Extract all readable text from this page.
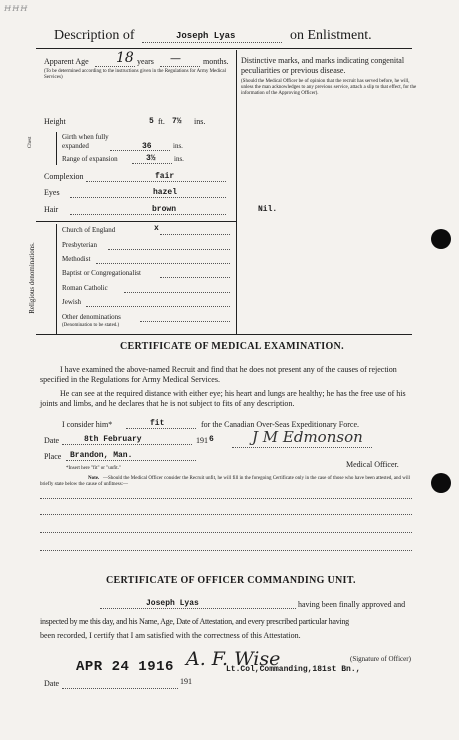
ꟸꟸꟸ
Description of	Joseph Lyas	on Enlistment.
Apparent Age 18 years —	months.
(To be determined according to the instructions given in the Regulations for Army Medical Services)
Height	5 ft. 7½ ins.
Chest	Girth when fully expanded	36	ins.
Range of expansion	3½	ins.
Complexion	fair
Eyes	hazel
Hair	brown
Religious denominations.
Church of England	x
Presbyterian
Methodist
Baptist or Congregationalist
Roman Catholic
Jewish
Other denominations
(Denomination to be stated.)
Distinctive marks, and marks indicating congenital peculiarities or previous disease.
(Should the Medical Officer be of opinion that the recruit has served before, he will, unless the man acknowledges to any previous service, attach a slip to that effect, for the information of the Approving Officer).
Nil.
CERTIFICATE OF MEDICAL EXAMINATION.
I have examined the above-named Recruit and find that he does not present any of the causes of rejection specified in the Regulations for Army Medical Services.
He can see at the required distance with either eye; his heart and lungs are healthy; he has the free use of his joints and limbs, and he declares that he is not subject to fits of any description.
I consider him*	fit	for the Canadian Over-Seas Expeditionary Force.
Date	8th February	191 6	J M Edmonson
Place Brandon, Man.
Medical Officer.
*Insert here "fit" or "unfit."
Note. —Should the Medical Officer consider the Recruit unfit, he will fill in the foregoing Certificate only in the case of those who have been attested, and will briefly state below the cause of unfitness:—
CERTIFICATE OF OFFICER COMMANDING UNIT.
Joseph Lyas	having been finally approved and
inspected by me this day, and his Name, Age, Date of Attestation, and every prescribed particular having
been recorded, I certify that I am satisfied with the correctness of this Attestation.
A. F. Wise
Lt.Col,Commanding,181st Bn.,
(Signature of Officer)
APR 24 1916
Date	191
